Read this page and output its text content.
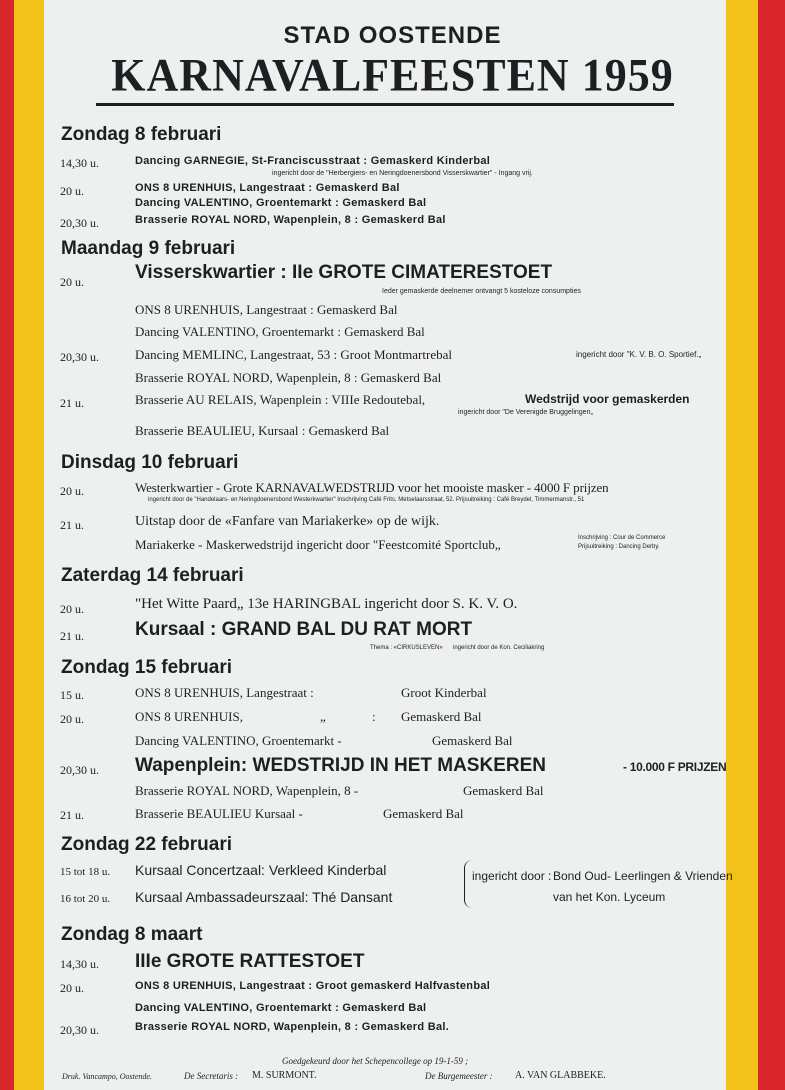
STAD OOSTENDE
KARNAVALFEESTEN 1959
Zondag 8 februari
14,30 u.	Dancing GARNEGIE, St-Franciscusstraat : Gemaskerd Kinderbal
ingericht door de "Herbergiers- en Neringdoenersbond Visserskwartier" - Ingang vrij.
20 u.	ONS 8 URENHUIS, Langestraat : Gemaskerd Bal
Dancing VALENTINO, Groentemarkt : Gemaskerd Bal
20,30 u.	Brasserie ROYAL NORD, Wapenplein, 8 : Gemaskerd Bal
Maandag 9 februari
20 u.	Visserskwartier : IIe GROTE CIMATERESTOET
Ieder gemaskerde deelnemer ontvangt 5 kosteloze consumpties
ONS 8 URENHUIS, Langestraat : Gemaskerd Bal
Dancing VALENTINO, Groentemarkt : Gemaskerd Bal
20,30 u.	Dancing MEMLINC, Langestraat, 53 : Groot Montmartrebal	ingericht door "K. V. B. O. Sportief.„
Brasserie ROYAL NORD, Wapenplein, 8 : Gemaskerd Bal
21 u.	Brasserie AU RELAIS, Wapenplein : VIIIe Redoutebal,	Wedstrijd voor gemaskerden
ingericht door "De Verenigde Bruggelingen„
Brasserie BEAULIEU, Kursaal : Gemaskerd Bal
Dinsdag 10 februari
20 u.	Westerkwartier - Grote KARNAVALWEDSTRIJD voor het mooiste masker - 4000 F prijzen
ingericht door de "Handelaars- en Neringdoenersbond Westerkwartier" Inschrijving Café Frits, Metselaarsstraat, 52. Prijsuitreiking : Café Breydel, Timmermanstr., 51
21 u.	Uitstap door de «Fanfare van Mariakerke» op de wijk.
Mariakerke - Maskerwedstrijd ingericht door "Feestcomité Sportclub„	Inschrijving : Cour de Commerce
Prijsuitreiking : Dancing Derby.
Zaterdag 14 februari
20 u.	"Het Witte Paard„ 13e HARINGBAL ingericht door S. K. V. O.
21 u.	Kursaal : GRAND BAL DU RAT MORT
Thema : «CIRKUSLEVEN» ingericht door de Kon. Ceciliakring
Zondag 15 februari
15 u.	ONS 8 URENHUIS, Langestraat :	Groot Kinderbal
20 u.	ONS 8 URENHUIS,	„	: Gemaskerd Bal
Dancing VALENTINO, Groentemarkt -	Gemaskerd Bal
20,30 u. Wapenplein: WEDSTRIJD IN HET MASKEREN	- 10.000 F PRIJZEN
Brasserie ROYAL NORD, Wapenplein, 8 -	Gemaskerd Bal
21 u.	Brasserie BEAULIEU Kursaal -	Gemaskerd Bal
Zondag 22 februari
15 tot 18 u. Kursaal Concertzaal: Verkleed Kinderbal
16 tot 20 u. Kursaal Ambassadeurszaal: Thé Dansant
ingericht door : Bond Oud- Leerlingen & Vrienden
van het Kon. Lyceum
Zondag 8 maart
14,30 u. IIIe GROTE RATTESTOET
20 u.	ONS 8 URENHUIS, Langestraat : Groot gemaskerd Halfvastenbal
Dancing VALENTINO, Groentemarkt : Gemaskerd Bal
20,30 u.	Brasserie ROYAL NORD, Wapenplein, 8 : Gemaskerd Bal.
Goedgekeurd door het Schepencollege op 19-1-59 ;
Druk. Vancampo, Oostende.	De Secretaris : M. SURMONT.	De Burgemeester : A. VAN GLABBEKE.
